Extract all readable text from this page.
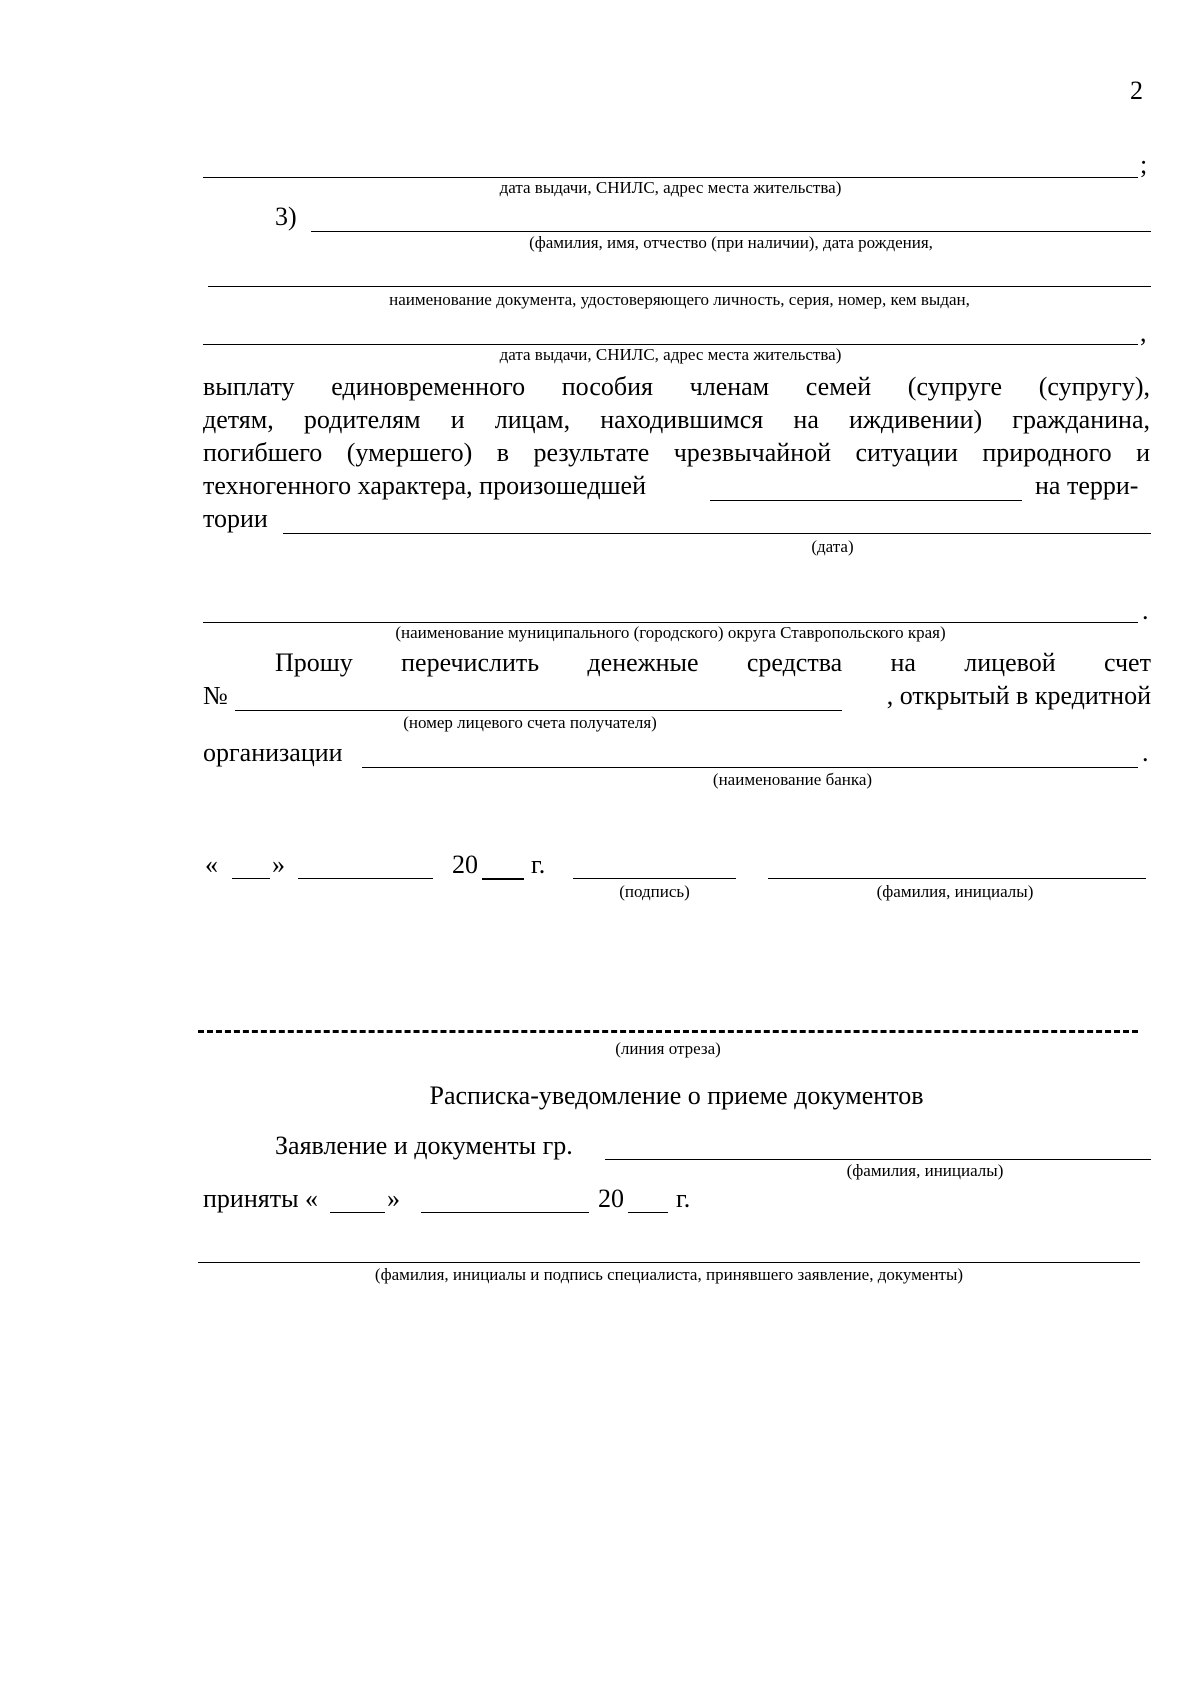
2
;
дата выдачи, СНИЛС, адрес места жительства)
3)
(фамилия, имя, отчество (при наличии), дата рождения,
наименование документа, удостоверяющего личность, серия, номер, кем выдан,
,
дата выдачи, СНИЛС, адрес места жительства)
выплату единовременного пособия членам семей (супруге (супругу),
детям, родителям и лицам, находившимся на иждивении) гражданина,
погибшего (умершего) в результате чрезвычайной ситуации природного и
техногенного характера, произошедшей	на терри-
тории
(дата)
.
(наименование муниципального (городского) округа Ставропольского края)
Прошу перечислить денежные средства на лицевой счет
№	, открытый в кредитной
(номер лицевого счета получателя)
организации	.
(наименование банка)
« »	20 г.
(подпись)	(фамилия, инициалы)
(линия отреза)
Расписка-уведомление о приеме документов
Заявление и документы гр.
(фамилия, инициалы)
приняты «	»	20 г.
(фамилия, инициалы и подпись специалиста, принявшего заявление, документы)
